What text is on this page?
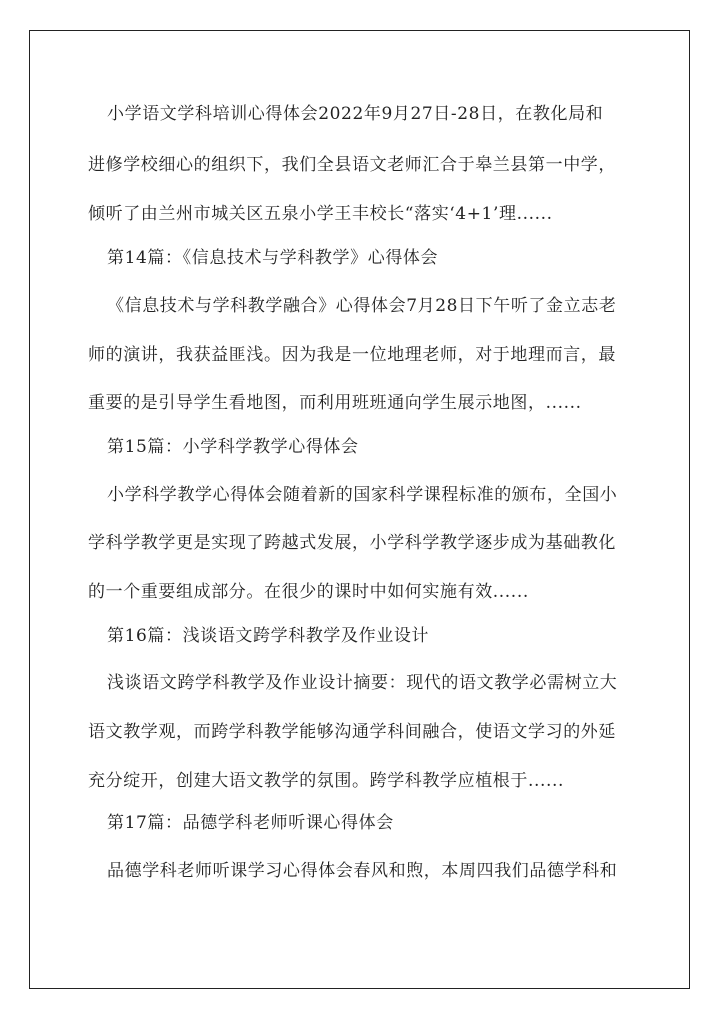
小学语文学科培训心得体会2022年9月27日-28日，在教化局和
进修学校细心的组织下，我们全县语文老师汇合于皋兰县第一中学，
倾听了由兰州市城关区五泉小学王丰校长“落实‘4+1’理......
第14篇：《信息技术与学科教学》心得体会
《信息技术与学科教学融合》心得体会7月28日下午听了金立志老
师的演讲，我获益匪浅。因为我是一位地理老师，对于地理而言，最
重要的是引导学生看地图，而利用班班通向学生展示地图，......
第15篇：小学科学教学心得体会
小学科学教学心得体会随着新的国家科学课程标准的颁布，全国小
学科学教学更是实现了跨越式发展，小学科学教学逐步成为基础教化
的一个重要组成部分。在很少的课时中如何实施有效......
第16篇：浅谈语文跨学科教学及作业设计
浅谈语文跨学科教学及作业设计摘要：现代的语文教学必需树立大
语文教学观，而跨学科教学能够沟通学科间融合，使语文学习的外延
充分绽开，创建大语文教学的氛围。跨学科教学应植根于......
第17篇：品德学科老师听课心得体会
品德学科老师听课学习心得体会春风和煦，本周四我们品德学科和
